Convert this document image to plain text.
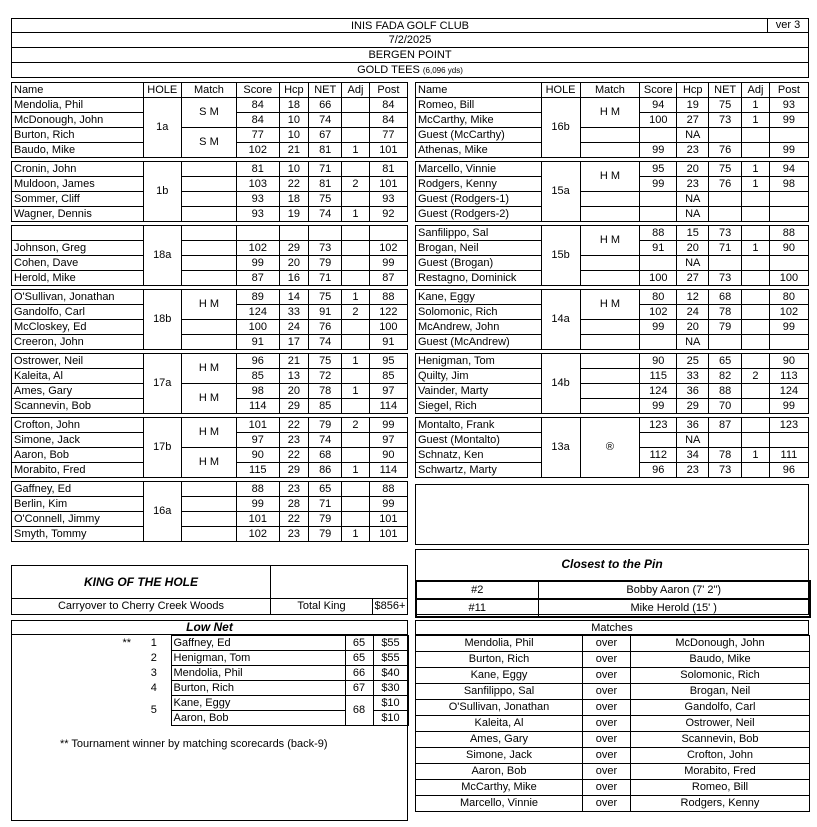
INIS FADA GOLF CLUB	ver 3
7/2/2025
BERGEN POINT
GOLD TEES (6,096 yds)
Name	HOLE	Match	Score	Hcp	NET	Adj	Post
Mendolia, Phil	1a	S M	84	18	66		84
McDonough, John			84	10	74		84
Burton, Rich		S M	77	10	67		77
Baudo, Mike			102	21	81	1	101

Cronin, John	1b		81	10	71		81
Muldoon, James			103	22	81	2	101
Sommer, Cliff			93	18	75		93
Wagner, Dennis			93	19	74	1	92

	18a						
Johnson, Greg			102	29	73		102
Cohen, Dave			99	20	79		99
Herold, Mike			87	16	71		87

O'Sullivan, Jonathan	18b	H M	89	14	75	1	88
Gandolfo, Carl			124	33	91	2	122
McCloskey, Ed			100	24	76		100
Creeron, John			91	17	74		91

Ostrower, Neil	17a	H M	96	21	75	1	95
Kaleita, Al			85	13	72		85
Ames, Gary		H M	98	20	78	1	97
Scannevin, Bob			114	29	85		114

Crofton, John	17b	H M	101	22	79	2	99
Simone, Jack			97	23	74		97
Aaron, Bob		H M	90	22	68		90
Morabito, Fred			115	29	86	1	114

Gaffney, Ed	16a		88	23	65		88
Berlin, Kim			99	28	71		99
O'Connell, Jimmy			101	22	79		101
Smyth, Tommy			102	23	79	1	101
Name	HOLE	Match	Score	Hcp	NET	Adj	Post
Romeo, Bill	16b	H M	94	19	75	1	93
McCarthy, Mike			100	27	73	1	99
Guest (McCarthy)				NA			
Athenas, Mike			99	23	76		99

Marcello, Vinnie	15a	H M	95	20	75	1	94
Rodgers, Kenny			99	23	76	1	98
Guest (Rodgers-1)				NA			
Guest (Rodgers-2)				NA			

Sanfilippo, Sal	15b	H M	88	15	73		88
Brogan, Neil			91	20	71	1	90
Guest (Brogan)				NA			
Restagno, Dominick			100	27	73		100

Kane, Eggy	14a	H M	80	12	68		80
Solomonic, Rich			102	24	78		102
McAndrew, John			99	20	79		99
Guest (McAndrew)				NA			

Henigman, Tom	14b		90	25	65		90
Quilty, Jim			115	33	82	2	113
Vainder, Marty			124	36	88		124
Siegel, Rich			99	29	70		99

Montalto, Frank	13a	®	123	36	87		123
Guest (Montalto)				NA			
Schnatz, Ken			112	34	78	1	111
Schwartz, Marty			96	23	73		96
KING OF THE HOLE
Carryover to Cherry Creek Woods	Total King	$856+
Closest to the Pin
#2	Bobby Aaron (7' 2")
#11	Mike Herold (15' )
Low Net
**	1	Gaffney, Ed	65	$55
	2	Henigman, Tom	65	$55
	3	Mendolia, Phil	66	$40
	4	Burton, Rich	67	$30
	5	Kane, Eggy	68	$10
		Aaron, Bob		$10
** Tournament winner by matching scorecards (back-9)
Matches
Mendolia, Phil	over	McDonough, John
Burton, Rich	over	Baudo, Mike
Kane, Eggy	over	Solomonic, Rich
Sanfilippo, Sal	over	Brogan, Neil
O'Sullivan, Jonathan	over	Gandolfo, Carl
Kaleita, Al	over	Ostrower, Neil
Ames, Gary	over	Scannevin, Bob
Simone, Jack	over	Crofton, John
Aaron, Bob	over	Morabito, Fred
McCarthy, Mike	over	Romeo, Bill
Marcello, Vinnie	over	Rodgers, Kenny
